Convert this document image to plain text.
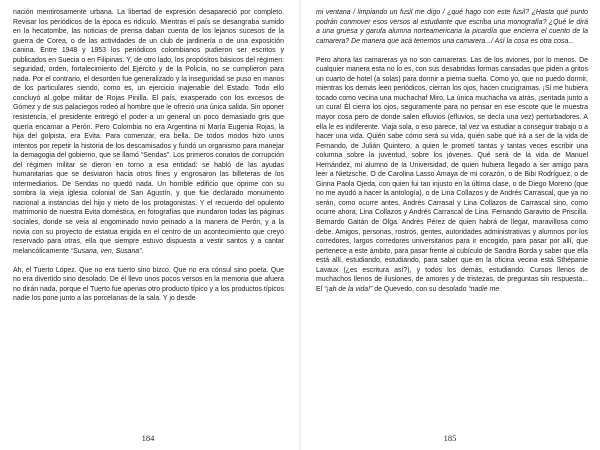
nación mentirosamente urbana. La libertad de expresión desapareció por completo. Revisar los periódicos de la época es ridículo. Mientras el país se desangraba sumido en la hecatombe, las noticias de prensa daban cuenta de los lejanos sucesos de la guerra de Corea, o de las actividades de un club de jardinería o de una exposición canina. Entre 1948 y 1953 los periódicos colombianos pudieron ser escritos y publicados en Suecia o en Filipinas. Y, de otro lado, los propósitos básicos del régimen: seguridad, orden, fortalecimiento del Ejército y de la Policía, no se cumplieron para nada. Por el contrario, el desorden fue generalizado y la inseguridad se puso en manos de los particulares siendo, como es, un ejercicio inajenable del Estado. Todo ello concluyó al golpe militar de Rojas Pinilla. El país, exasperado con los excesos de Gómez y de sus palaciegos rodeó al hombre que le ofreció una única salida. Sin oponer resistencia, el presidente entregó el poder a un general un poco demasiado gris que quería encarnar a Perón. Pero Colombia no era Argentina ni María Eugenia Rojas, la hija del golpista, era Evita. Para comenzar, era bella. De todos modos hizo unos intentos por repetir la historia de los descamisados y fundó un organismo para manejar la demagogia del gobierno, que se llamó “Sendas”. Los primeros conatos de corrupción del régimen militar se dieron en torno a esa entidad: se habló de las ayudas humanitarias que se desviaron hacia otros fines y engrosaron las billeteras de los intermediarios. De Sendas no quedó nada. Un horrible edificio que oprime con su sombra la vieja iglesia colonial de San Agustín, y que fue declarado monumento nacional a instancias del hijo y nieto de los protagonistas. Y el recuerdo del opulento matrimonio de nuestra Evita doméstica, en fotografías que inundaron todas las páginas sociales, donde se veía al engominado novio peinado a la manera de Perón, y a la novia con su proyecto de estatua erigida en el centro de un acontecimiento que creyó reservado para otras, ella que siempre estuvo dispuesta a vestir santos y a cantar melancólicamente “Susana, ven, Susana”.

Ah, el Tuerto López. Que no era tuerto sino bizco. Que no era cónsul sino poeta. Que no era divertido sino desolado. De él llevo unos pocos versos en la memoria que afuera no dirán nada, porque el Tuerto fue apenas otro producto típico y a los productos típicos nadie los pone junto a las porcelanas de la sala. Y jo desde

184

mi ventana / limpiando un fusil me digo / ¿qué hago con este fusil? ¿Hasta qué punto podrán conmover esos versos al estudiante que escriba una monografía? ¿Qué le dirá a una gruesa y garufa alumna norteamericana la picardía que encierra el cuento de la camarera? De manera que acá tenemos una camarera.../ Así la cosa es otra cosa...

Pero ahora las camareras ya no son camareras. Las de los aviones, por lo menos. De cualquier manera esta no lo es, con sus desabridas formas cansadas que piden a gritos un cuarto de hotel (a solas) para dormir a pierna suelta. Como yo, que no puedo dormir, mientras los demás leen periódicos, cierran los ojos, hacen crucigramas. ¡Si me hubiera tocado como vecina una muchachaf Miro. La única muchacha va atrás, ¡sentada junto a un cura! Él cierra los ojos, seguramente para no pensar en ese escote que le muestra mayor cosa pero de donde salen efluvios (efluvios, se decía una vez) perturbadores. A ella le es indiferente. Viaja sola, o eso parece, tal vez va estudiar a conseguir trabajo o a hacer una vida. Quién sabe cómo será su vida, quién sabe qué irá a ser de la vida de Fernando, de Julián Quintero, a quien le prometí tantas y tantas veces escribir una columna sobre la juventud, sobre los jóvenes. Qué será de la vida de Manuel Hernández, mi alumno de la Universidad, de quien hubiera llegado a ser amigo para leer a Nietzsche. O de Carolina Lasso Amaya de mi corazón, o de Bibi Rodríguez, o de Ginna Paola Ojeda, con quien fui tan injusto en la última clase, o de Diego Moreno (que no me ayudó a hacer la antología), o de Lina Collazos y de Andrés Carrascal, que ya no serán, como ocurre antes, Andrés Carrasal y Lina Collazos de Carrascal sino, como ocurre ahora, Lina Collazos y Andrés Carrascal de Lina. Fernando Garavito de Priscilla. Bernardo Gaitán de Olga. Andrés Pérez de quien habrá de llegar, maravillosa como debe. Amigos, personas, rostros, gentes, autoridades administrativas y alumnos por los corredores, largos corredores universitarios para ir encogido, para pasar por allí, que pertenece a este ámbito, para pasar frente al cubículo de Sandra Borda y saber que ella está allí, estudiando, estudiando, para saber que en la oficina vecina está Sthépanie Lavaux (¿es escritura así?), y todos los demás, estudiando. Cursos llenos de muchachos llenos de ilusiones, de amores y de tristezas, de preguntas sin respuesta... El “¡ah de la vida!” de Quevedo, con su desolado “nadie me

185
